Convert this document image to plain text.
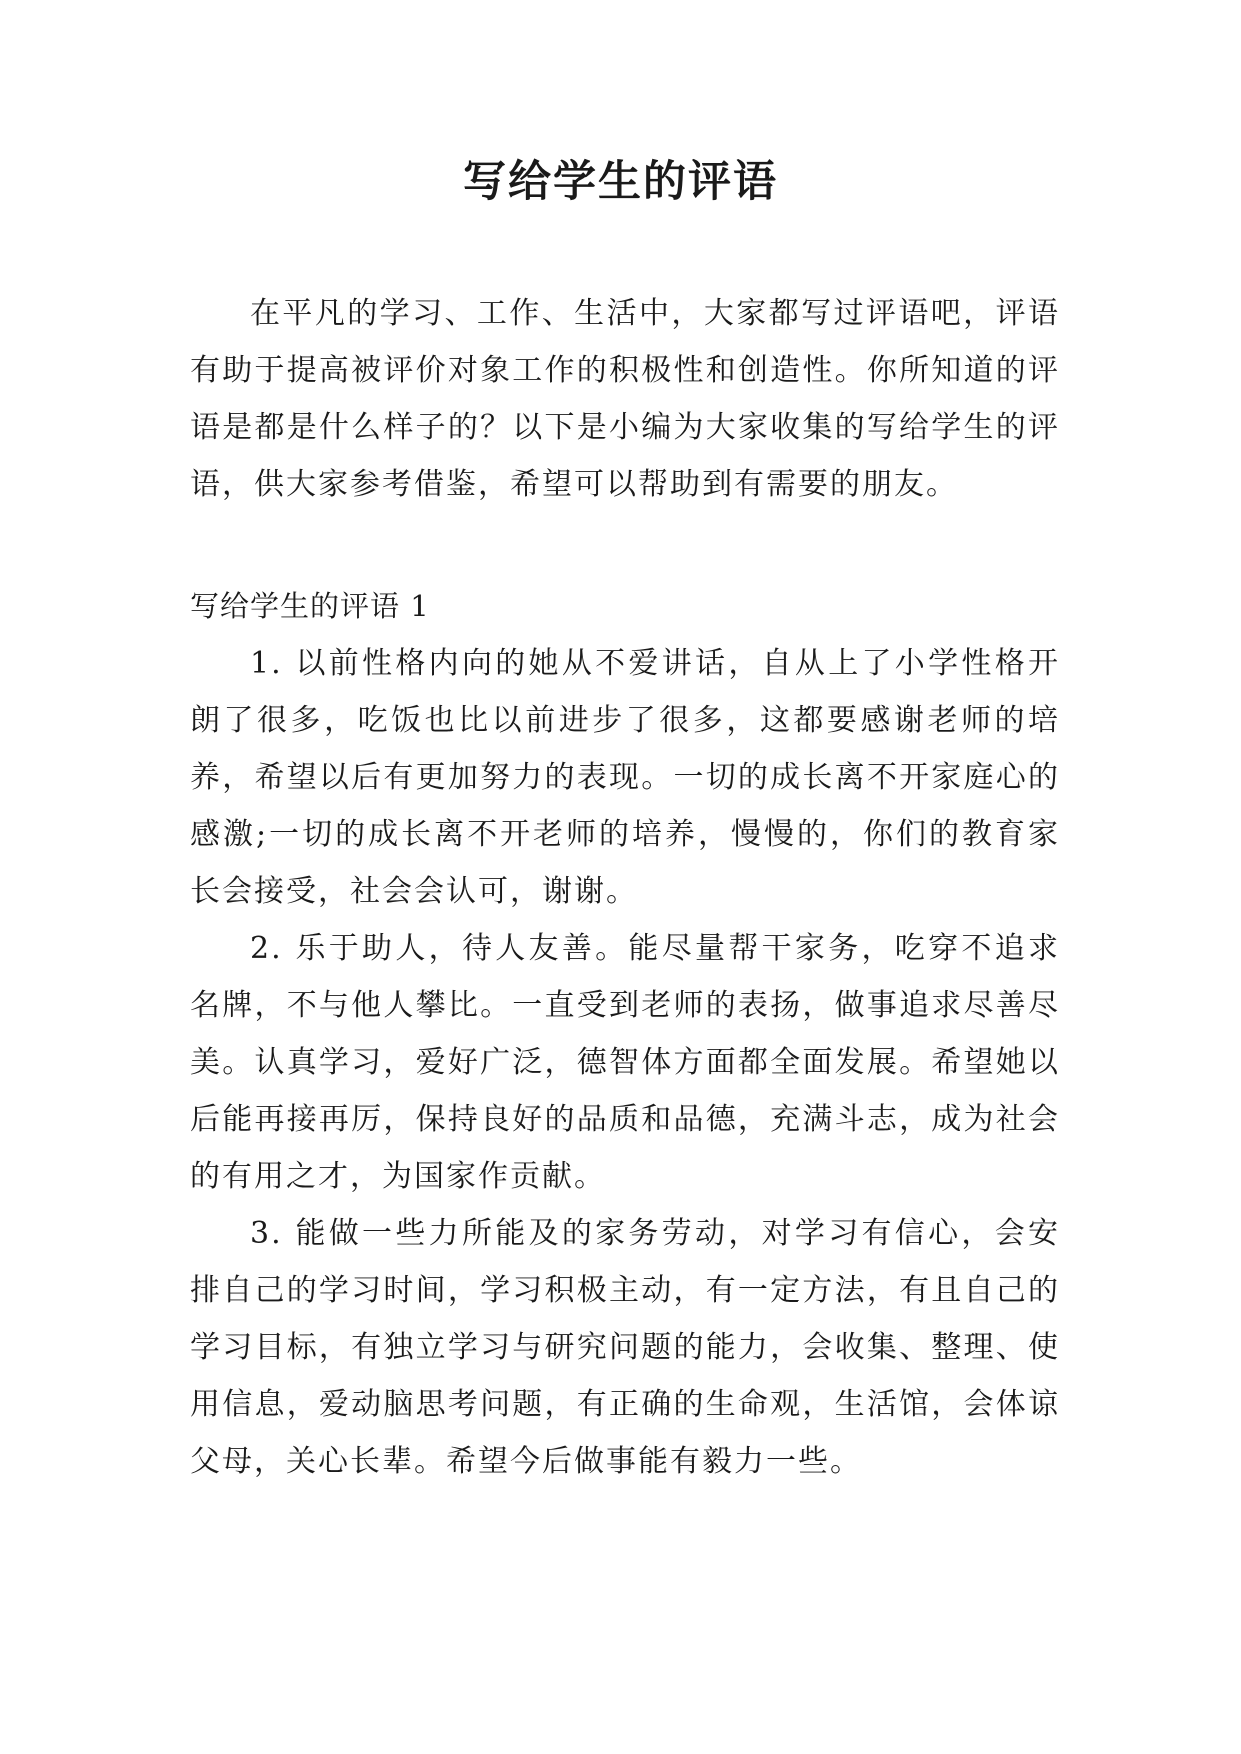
写给学生的评语

在平凡的学习、工作、生活中，大家都写过评语吧，评语有助于提高被评价对象工作的积极性和创造性。你所知道的评语是都是什么样子的？以下是小编为大家收集的写给学生的评语，供大家参考借鉴，希望可以帮助到有需要的朋友。

写给学生的评语 1

1. 以前性格内向的她从不爱讲话，自从上了小学性格开朗了很多，吃饭也比以前进步了很多，这都要感谢老师的培养，希望以后有更加努力的表现。一切的成长离不开家庭心的感激;一切的成长离不开老师的培养，慢慢的，你们的教育家长会接受，社会会认可，谢谢。

2. 乐于助人，待人友善。能尽量帮干家务，吃穿不追求名牌，不与他人攀比。一直受到老师的表扬，做事追求尽善尽美。认真学习，爱好广泛，德智体方面都全面发展。希望她以后能再接再厉，保持良好的品质和品德，充满斗志，成为社会的有用之才，为国家作贡献。

3. 能做一些力所能及的家务劳动，对学习有信心，会安排自己的学习时间，学习积极主动，有一定方法，有且自己的学习目标，有独立学习与研究问题的能力，会收集、整理、使用信息，爱动脑思考问题，有正确的生命观，生活馆，会体谅父母，关心长辈。希望今后做事能有毅力一些。
